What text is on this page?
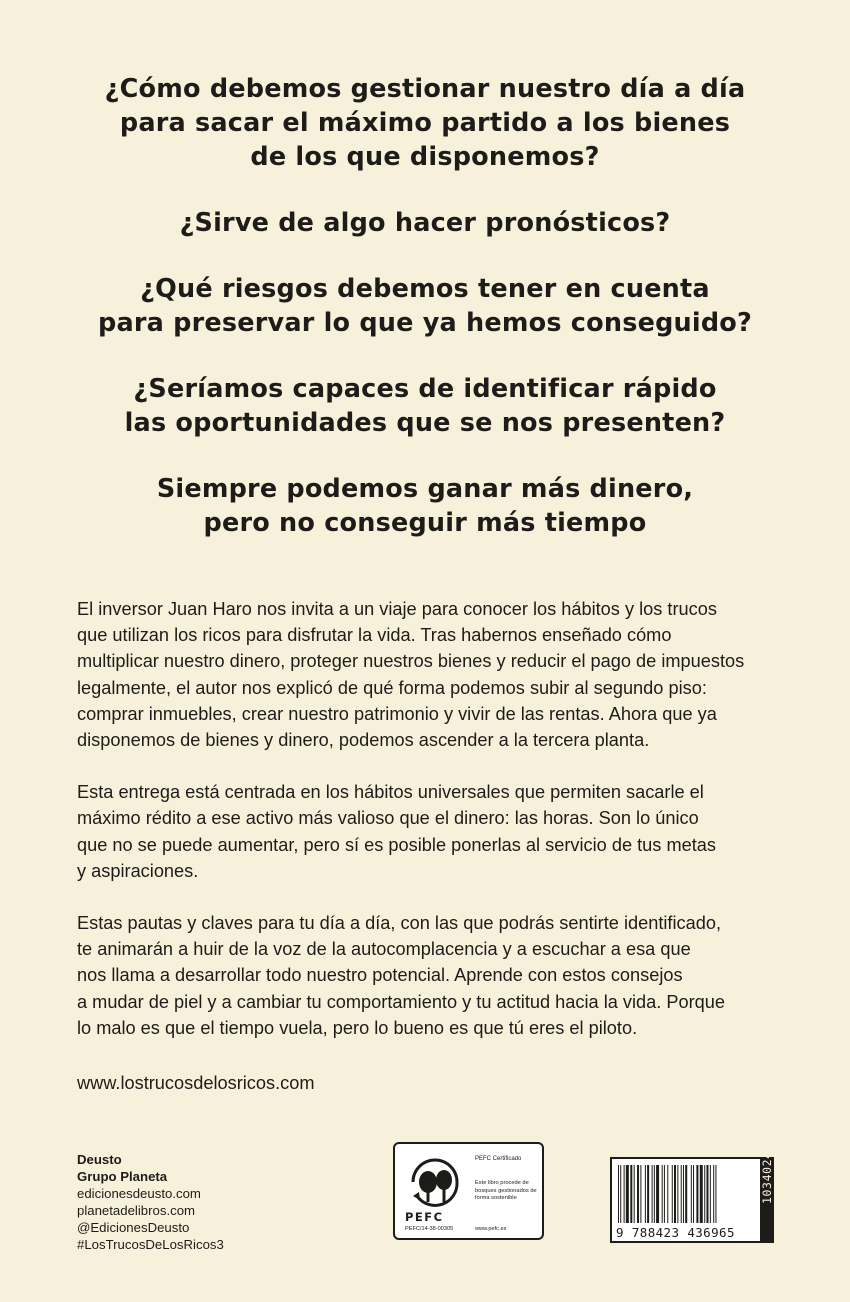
¿Cómo debemos gestionar nuestro día a día
para sacar el máximo partido a los bienes
de los que disponemos?
¿Sirve de algo hacer pronósticos?
¿Qué riesgos debemos tener en cuenta
para preservar lo que ya hemos conseguido?
¿Seríamos capaces de identificar rápido
las oportunidades que se nos presenten?
Siempre podemos ganar más dinero,
pero no conseguir más tiempo

El inversor Juan Haro nos invita a un viaje para conocer los hábitos y los trucos
que utilizan los ricos para disfrutar la vida. Tras habernos enseñado cómo
multiplicar nuestro dinero, proteger nuestros bienes y reducir el pago de impuestos
legalmente, el autor nos explicó de qué forma podemos subir al segundo piso:
comprar inmuebles, crear nuestro patrimonio y vivir de las rentas. Ahora que ya
disponemos de bienes y dinero, podemos ascender a la tercera planta.

Esta entrega está centrada en los hábitos universales que permiten sacarle el
máximo rédito a ese activo más valioso que el dinero: las horas. Son lo único
que no se puede aumentar, pero sí es posible ponerlas al servicio de tus metas
y aspiraciones.

Estas pautas y claves para tu día a día, con las que podrás sentirte identificado,
te animarán a huir de la voz de la autocomplacencia y a escuchar a esa que
nos llama a desarrollar todo nuestro potencial. Aprende con estos consejos
a mudar de piel y a cambiar tu comportamiento y tu actitud hacia la vida. Porque
lo malo es que el tiempo vuela, pero lo bueno es que tú eres el piloto.

www.lostrucosdelosricos.com
Deusto
Grupo Planeta
edicionesdeusto.com
planetadelibros.com
@EdicionesDeusto
#LosTrucosDeLosRicos3
PEFC
PEFC/14-38-00305
PEFC Certificado
Este libro procede de bosques gestionados de forma sostenible
www.pefc.es	9 788423 436965
10340245
